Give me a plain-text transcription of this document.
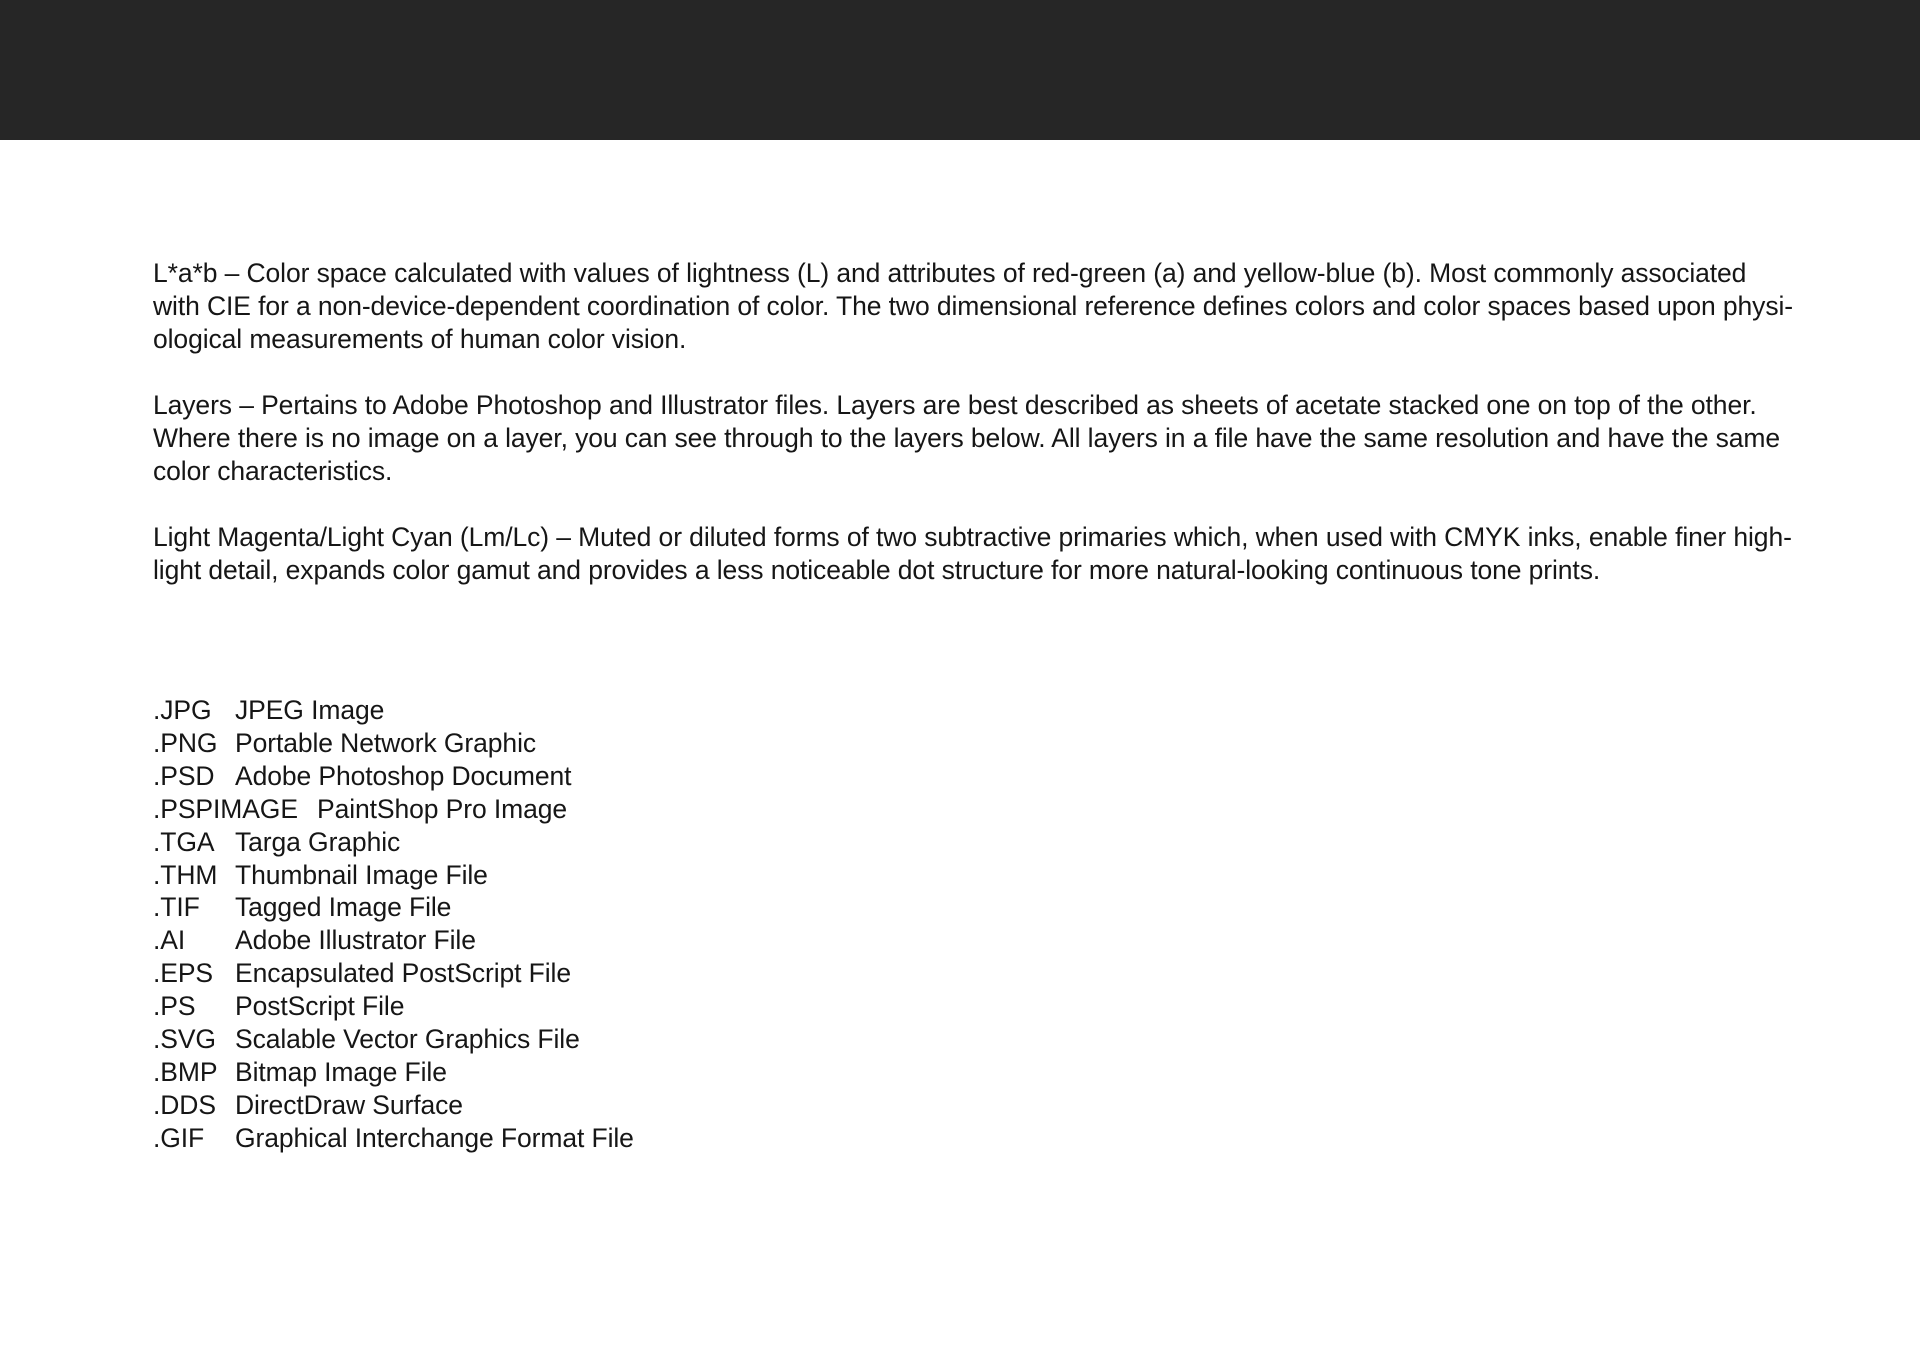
L*a*b – Color space calculated with values of lightness (L) and attributes of red-green (a) and yellow-blue (b). Most commonly associated
with CIE for a non-device-dependent coordination of color. The two dimensional reference defines colors and color spaces based upon physi-
ological measurements of human color vision.

Layers – Pertains to Adobe Photoshop and Illustrator files. Layers are best described as sheets of acetate stacked one on top of the other.
Where there is no image on a layer, you can see through to the layers below. All layers in a file have the same resolution and have the same
color characteristics.

Light Magenta/Light Cyan (Lm/Lc) – Muted or diluted forms of two subtractive primaries which, when used with CMYK inks, enable finer high-
light detail, expands color gamut and provides a less noticeable dot structure for more natural-looking continuous tone prints.

.JPG JPEG Image
.PNG Portable Network Graphic
.PSD Adobe Photoshop Document
.PSPIMAGE PaintShop Pro Image
.TGA Targa Graphic
.THM Thumbnail Image File
.TIF	Tagged Image File
.AI	Adobe Illustrator File
.EPS Encapsulated PostScript File
.PS	PostScript File
.SVG Scalable Vector Graphics File
.BMP Bitmap Image File
.DDS DirectDraw Surface
.GIF	Graphical Interchange Format File
